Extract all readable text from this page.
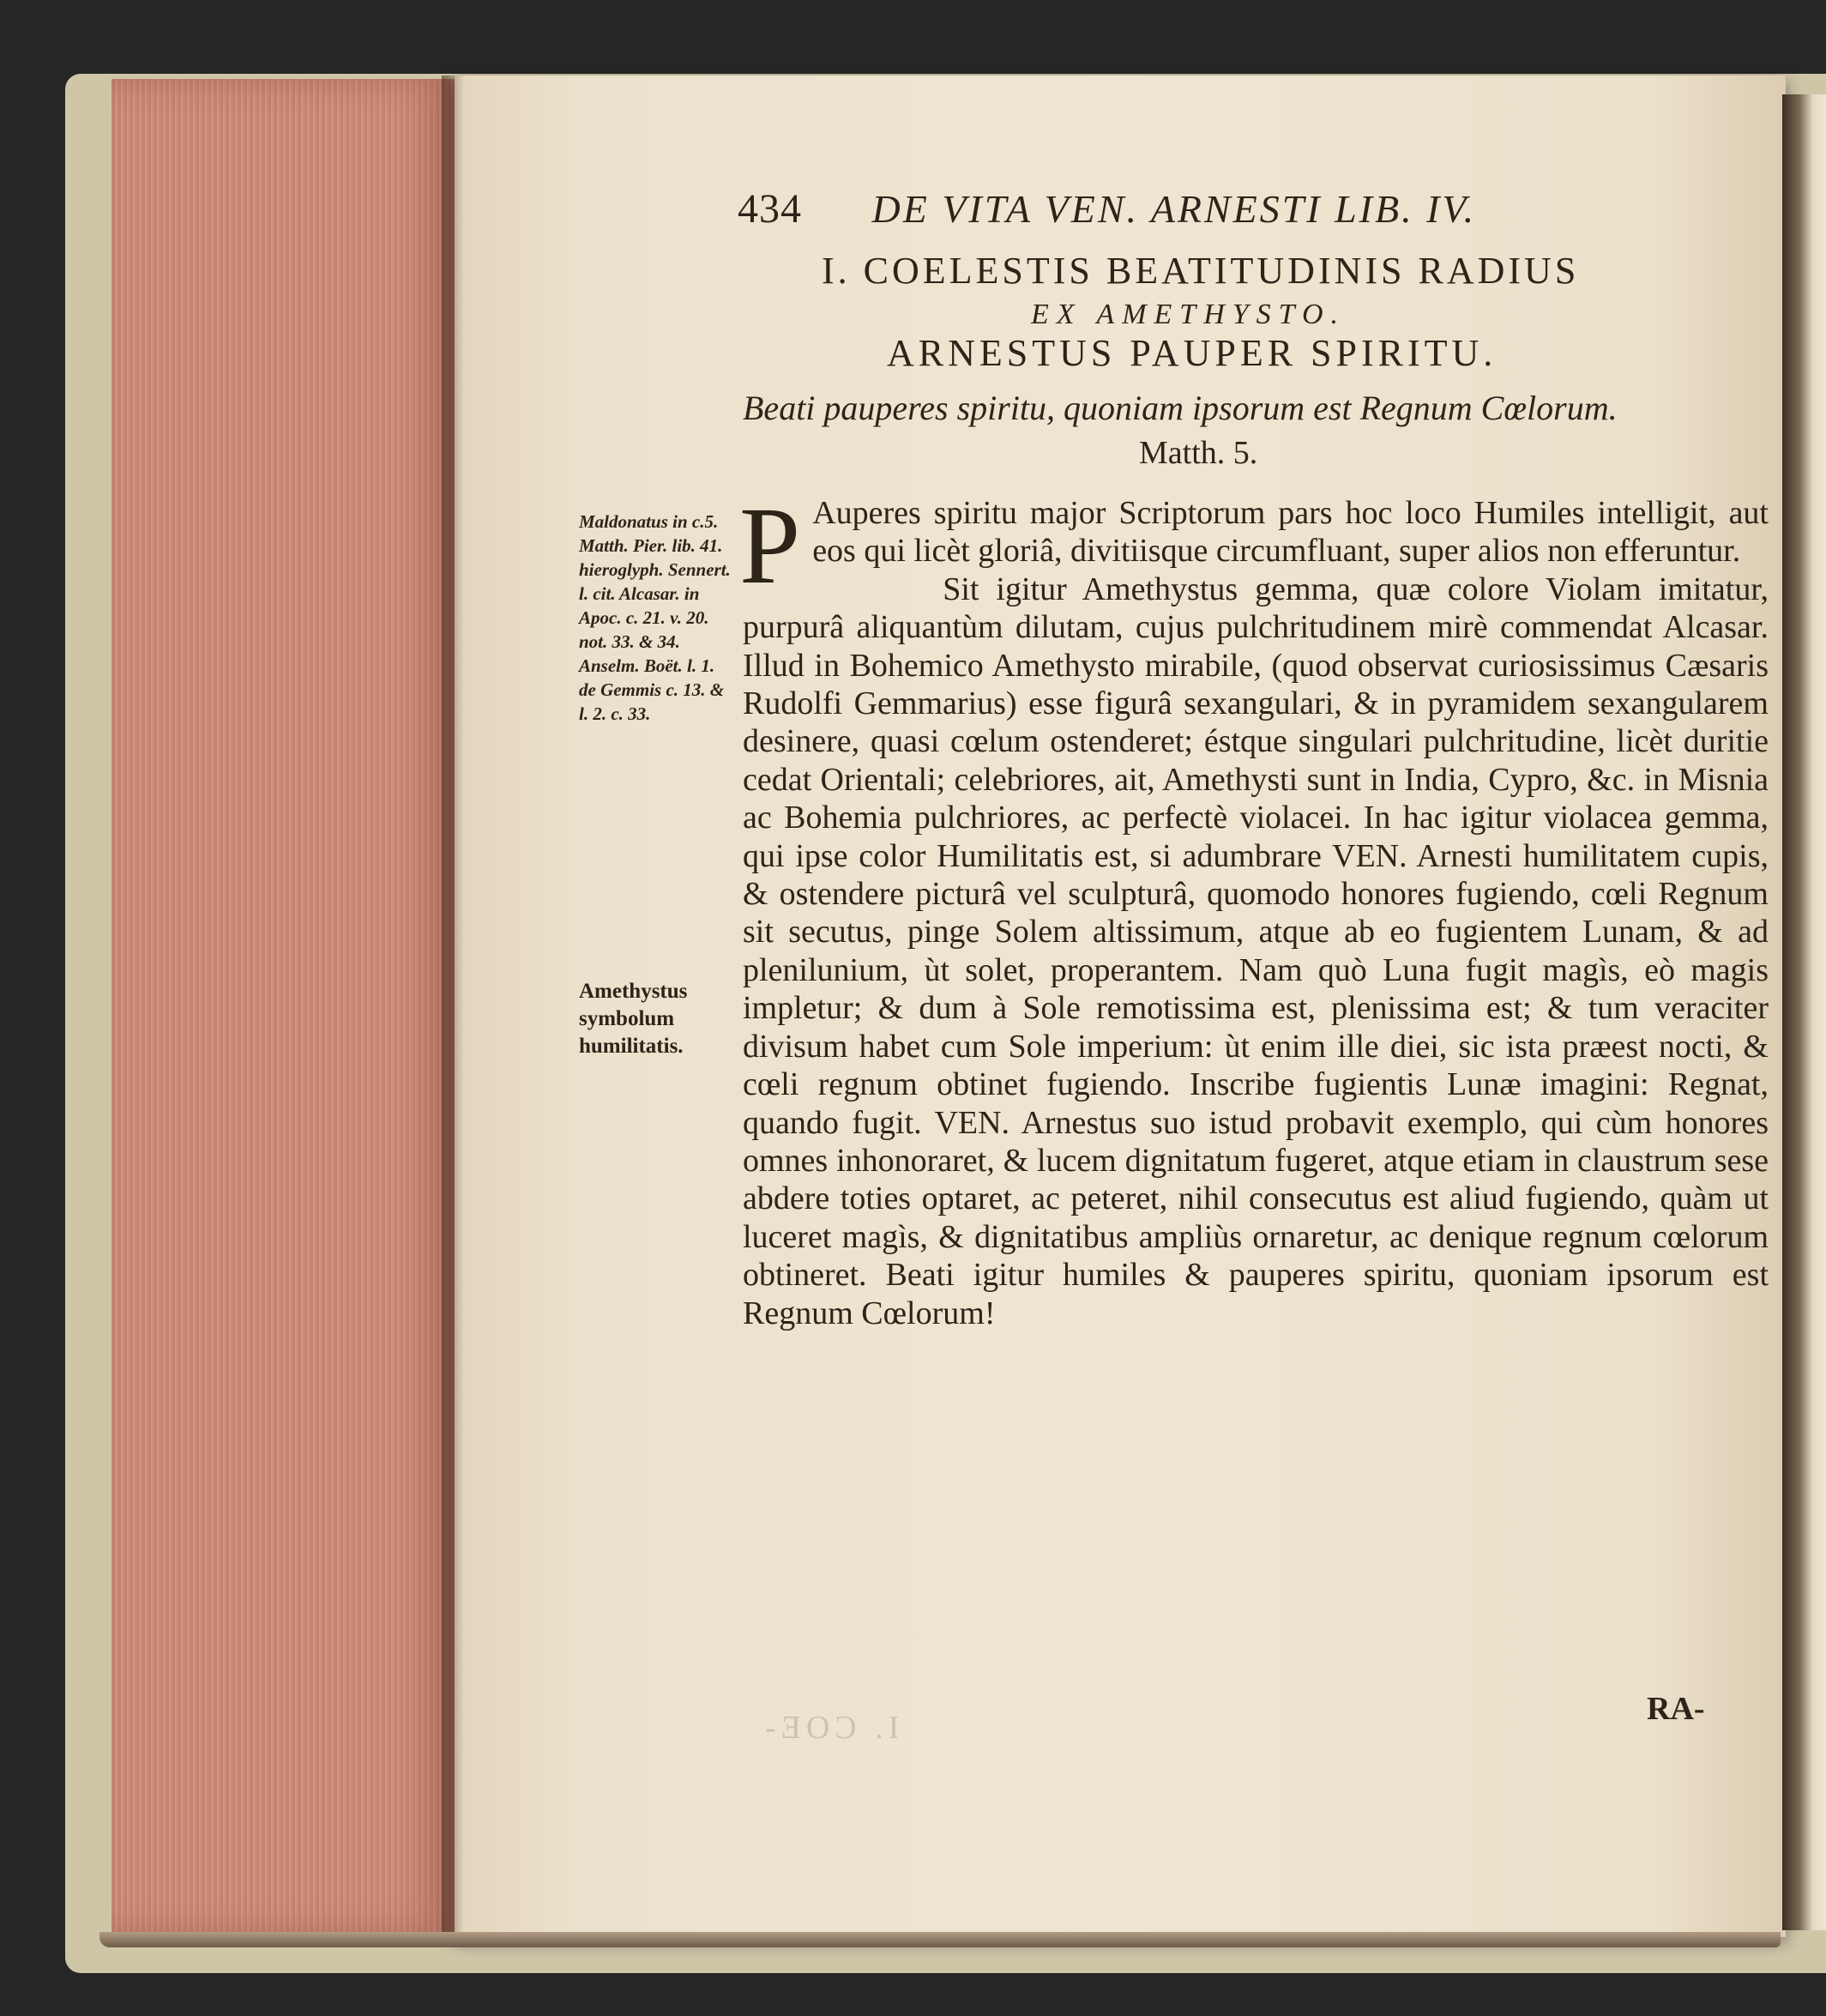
434 DE VITA VEN. ARNESTI LIB. IV.
I. COELESTIS BEATITUDINIS RADIUS
EX AMETHYSTO.
ARNESTUS PAUPER SPIRITU.
Beati pauperes spiritu, quoniam ipsorum est Regnum Cœlorum.
Matth. 5.
Maldonatus in c.5. Matth. Pier. lib. 41. hieroglyph. Sennert. l. cit. Alcasar. in Apoc. c. 21. v. 20. not. 33. & 34. Anselm. Boët. l. 1. de Gemmis c. 13. & l. 2. c. 33.
Amethystus symbolum humilitatis.

P Auperes spiritu major Scriptorum pars hoc loco Humiles intelligit, aut eos qui licèt gloriâ, divitiisque circumfluant, super alios non efferuntur.

Sit igitur Amethystus gemma, quæ colore Violam imitatur, purpurâ aliquantùm dilutam, cujus pulchritudinem mirè commendat Alcasar. Illud in Bohemico Amethysto mirabile, (quod observat curiosissimus Cæsaris Rudolfi Gemmarius) esse figurâ sexangulari, & in pyramidem sexangularem desinere, quasi cœlum ostenderet; éstque singulari pulchritudine, licèt duritie cedat Orientali; celebriores, ait, Amethysti sunt in India, Cypro, &c. in Misnia ac Bohemia pulchriores, ac perfectè violacei. In hac igitur violacea gemma, qui ipse color Humilitatis est, si adumbrare VEN. Arnesti humilitatem cupis, & ostendere picturâ vel sculpturâ, quomodo honores fugiendo, cœli Regnum sit secutus, pinge Solem altissimum, atque ab eo fugientem Lunam, & ad plenilunium, ùt solet, properantem. Nam quò Luna fugit magìs, eò magis impletur; & dum à Sole remotissima est, plenissima est; & tum veraciter divisum habet cum Sole imperium: ùt enim ille diei, sic ista præest nocti, & cœli regnum obtinet fugiendo. Inscribe fugientis Lunæ imagini: Regnat, quando fugit. VEN. Arnestus suo istud probavit exemplo, qui cùm honores omnes inhonoraret, & lucem dignitatum fugeret, atque etiam in claustrum sese abdere toties optaret, ac peteret, nihil consecutus est aliud fugiendo, quàm ut luceret magìs, & dignitatibus ampliùs ornaretur, ac denique regnum cœlorum obtineret. Beati igitur humiles & pauperes spiritu, quoniam ipsorum est Regnum Cœlorum!

RA-
I. COE-
